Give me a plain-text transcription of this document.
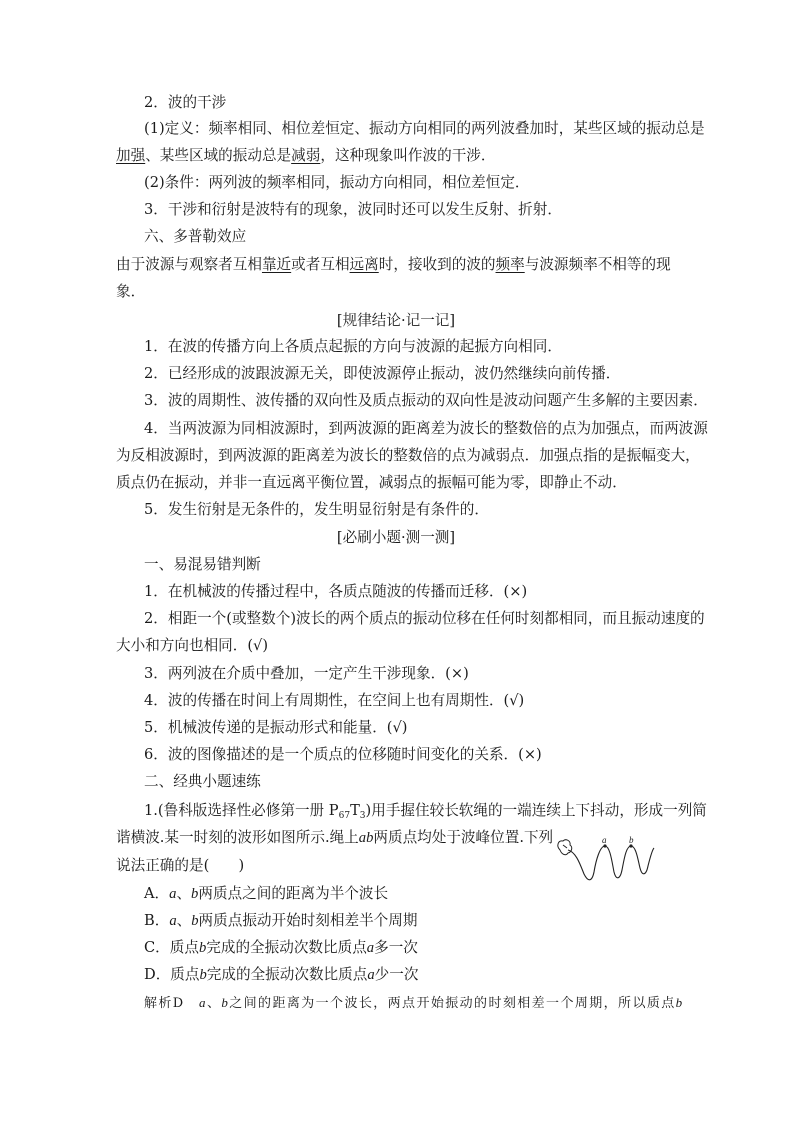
2．波的干涉
(1)定义：频率相同、相位差恒定、振动方向相同的两列波叠加时，某些区域的振动总是
加强、某些区域的振动总是减弱，这种现象叫作波的干涉．
(2)条件：两列波的频率相同，振动方向相同，相位差恒定．
3．干涉和衍射是波特有的现象，波同时还可以发生反射、折射．
六、多普勒效应
由于波源与观察者互相靠近或者互相远离时，接收到的波的频率与波源频率不相等的现
象．
[规律结论·记一记]
1．在波的传播方向上各质点起振的方向与波源的起振方向相同．
2．已经形成的波跟波源无关，即使波源停止振动，波仍然继续向前传播．
3．波的周期性、波传播的双向性及质点振动的双向性是波动问题产生多解的主要因素．
4．当两波源为同相波源时，到两波源的距离差为波长的整数倍的点为加强点，而两波源
为反相波源时，到两波源的距离差为波长的整数倍的点为减弱点．加强点指的是振幅变大，
质点仍在振动，并非一直远离平衡位置，减弱点的振幅可能为零，即静止不动．
5．发生衍射是无条件的，发生明显衍射是有条件的．
[必刷小题·测一测]
一、易混易错判断
1．在机械波的传播过程中，各质点随波的传播而迁移．(×)
2．相距一个(或整数个)波长的两个质点的振动位移在任何时刻都相同，而且振动速度的
大小和方向也相同．(√)
3．两列波在介质中叠加，一定产生干涉现象．(×)
4．波的传播在时间上有周期性，在空间上也有周期性．(√)
5．机械波传递的是振动形式和能量．(√)
6．波的图像描述的是一个质点的位移随时间变化的关系．(×)
二、经典小题速练
1.(鲁科版选择性必修第一册 $P_{67}T_3$)用手握住较长软绳的一端连续上下抖动，形成一列简
谐横波.某一时刻的波形如图所示.绳上ab两质点均处于波峰位置.下列
说法正确的是(　　)
a	b
A．a、b两质点之间的距离为半个波长
B．a、b两质点振动开始时刻相差半个周期
C．质点b完成的全振动次数比质点a多一次
D．质点b完成的全振动次数比质点a少一次
解析D　a、b之间的距离为一个波长，两点开始振动的时刻相差一个周期，所以质点b
